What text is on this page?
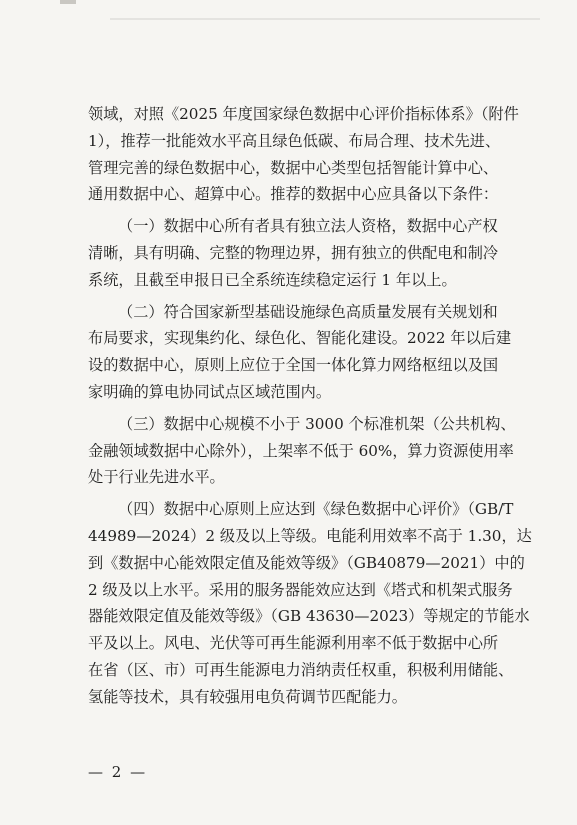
领域，对照《2025 年度国家绿色数据中心评价指标体系》（附件
1），推荐一批能效水平高且绿色低碳、布局合理、技术先进、
管理完善的绿色数据中心，数据中心类型包括智能计算中心、
通用数据中心、超算中心。推荐的数据中心应具备以下条件：
（一）数据中心所有者具有独立法人资格，数据中心产权
清晰，具有明确、完整的物理边界，拥有独立的供配电和制冷
系统，且截至申报日已全系统连续稳定运行 1 年以上。
（二）符合国家新型基础设施绿色高质量发展有关规划和
布局要求，实现集约化、绿色化、智能化建设。2022 年以后建
设的数据中心，原则上应位于全国一体化算力网络枢纽以及国
家明确的算电协同试点区域范围内。
（三）数据中心规模不小于 3000 个标准机架（公共机构、
金融领域数据中心除外），上架率不低于 60%，算力资源使用率
处于行业先进水平。
（四）数据中心原则上应达到《绿色数据中心评价》（GB/T
44989—2024）2 级及以上等级。电能利用效率不高于 1.30，达
到《数据中心能效限定值及能效等级》（GB40879—2021）中的
2 级及以上水平。采用的服务器能效应达到《塔式和机架式服务
器能效限定值及能效等级》（GB 43630—2023）等规定的节能水
平及以上。风电、光伏等可再生能源利用率不低于数据中心所
在省（区、市）可再生能源电力消纳责任权重，积极利用储能、
氢能等技术，具有较强用电负荷调节匹配能力。
— 2 —
